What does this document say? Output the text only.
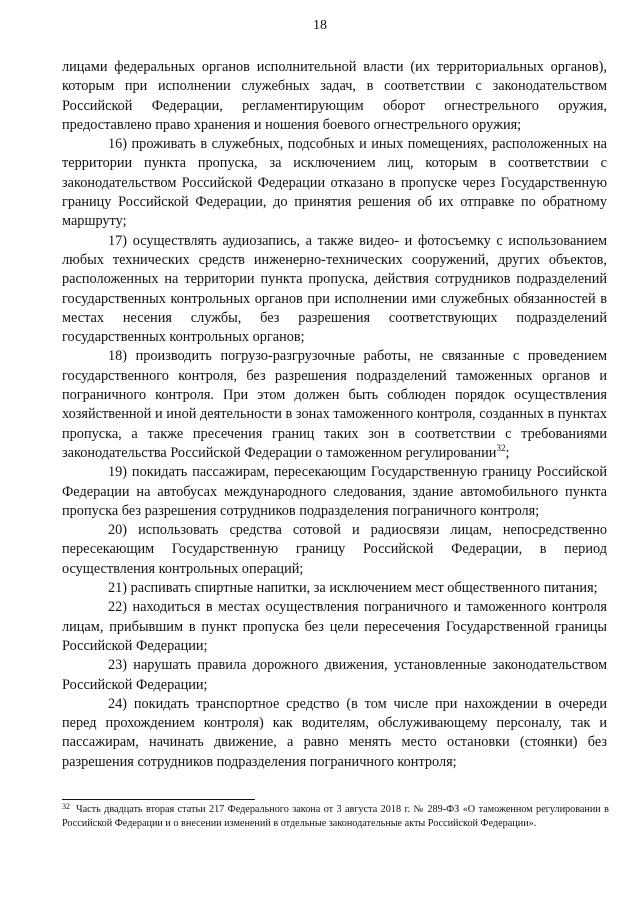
18

лицами федеральных органов исполнительной власти (их территориальных органов), которым при исполнении служебных задач, в соответствии с законодательством Российской Федерации, регламентирующим оборот огнестрельного оружия, предоставлено право хранения и ношения боевого огнестрельного оружия;

16) проживать в служебных, подсобных и иных помещениях, расположенных на территории пункта пропуска, за исключением лиц, которым в соответствии с законодательством Российской Федерации отказано в пропуске через Государственную границу Российской Федерации, до принятия решения об их отправке по обратному маршруту;

17) осуществлять аудиозапись, а также видео- и фотосъемку с использованием любых технических средств инженерно-технических сооружений, других объектов, расположенных на территории пункта пропуска, действия сотрудников подразделений государственных контрольных органов при исполнении ими служебных обязанностей в местах несения службы, без разрешения соответствующих подразделений государственных контрольных органов;

18) производить погрузо-разгрузочные работы, не связанные с проведением государственного контроля, без разрешения подразделений таможенных органов и пограничного контроля. При этом должен быть соблюден порядок осуществления хозяйственной и иной деятельности в зонах таможенного контроля, созданных в пунктах пропуска, а также пресечения границ таких зон в соответствии с требованиями законодательства Российской Федерации о таможенном регулировании$^{32}$;

19) покидать пассажирам, пересекающим Государственную границу Российской Федерации на автобусах международного следования, здание автомобильного пункта пропуска без разрешения сотрудников подразделения пограничного контроля;

20) использовать средства сотовой и радиосвязи лицам, непосредственно пересекающим Государственную границу Российской Федерации, в период осуществления контрольных операций;

21) распивать спиртные напитки, за исключением мест общественного питания;

22) находиться в местах осуществления пограничного и таможенного контроля лицам, прибывшим в пункт пропуска без цели пересечения Государственной границы Российской Федерации;

23) нарушать правила дорожного движения, установленные законодательством Российской Федерации;

24) покидать транспортное средство (в том числе при нахождении в очереди перед прохождением контроля) как водителям, обслуживающему персоналу, так и пассажирам, начинать движение, а равно менять место остановки (стоянки) без разрешения сотрудников подразделения пограничного контроля;

$^{32}$ Часть двадцать вторая статьи 217 Федерального закона от 3 августа 2018 г. № 289-ФЗ «О таможенном регулировании в Российской Федерации и о внесении изменений в отдельные законодательные акты Российской Федерации».
